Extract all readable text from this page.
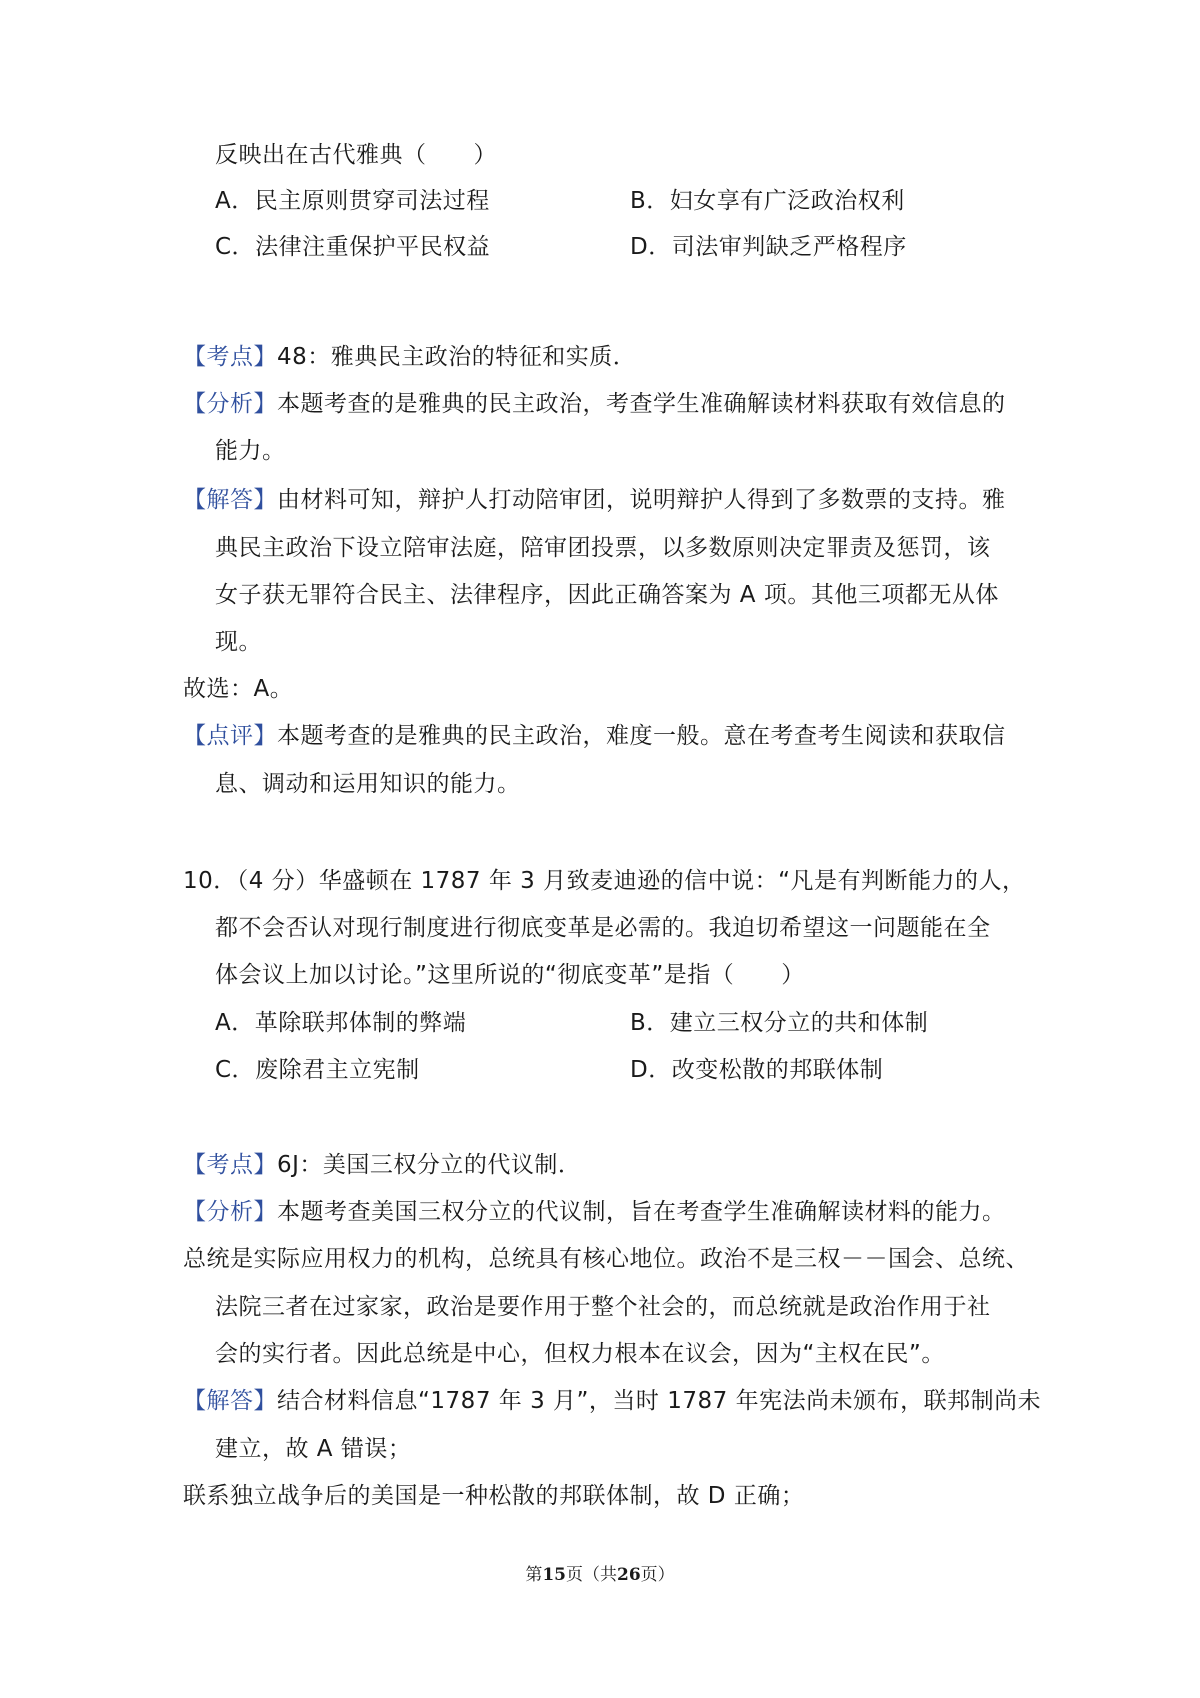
反映出在古代雅典（　　）
A．民主原则贯穿司法过程	B．妇女享有广泛政治权利
C．法律注重保护平民权益	D．司法审判缺乏严格程序
【考点】48：雅典民主政治的特征和实质．
【分析】本题考查的是雅典的民主政治，考查学生准确解读材料获取有效信息的
能力。
【解答】由材料可知，辩护人打动陪审团，说明辩护人得到了多数票的支持。雅
典民主政治下设立陪审法庭，陪审团投票，以多数原则决定罪责及惩罚，该
女子获无罪符合民主、法律程序，因此正确答案为 A 项。其他三项都无从体
现。
故选：A。
【点评】本题考查的是雅典的民主政治，难度一般。意在考查考生阅读和获取信
息、调动和运用知识的能力。
10．（4 分）华盛顿在 1787 年 3 月致麦迪逊的信中说：“凡是有判断能力的人，
都不会否认对现行制度进行彻底变革是必需的。我迫切希望这一问题能在全
体会议上加以讨论。”这里所说的“彻底变革”是指（　　）
A．革除联邦体制的弊端	B．建立三权分立的共和体制
C．废除君主立宪制	D．改变松散的邦联体制
【考点】6J：美国三权分立的代议制．
【分析】本题考查美国三权分立的代议制，旨在考查学生准确解读材料的能力。
总统是实际应用权力的机构，总统具有核心地位。政治不是三权－－国会、总统、
法院三者在过家家，政治是要作用于整个社会的，而总统就是政治作用于社
会的实行者。因此总统是中心，但权力根本在议会，因为“主权在民”。
【解答】结合材料信息“1787 年 3 月”，当时 1787 年宪法尚未颁布，联邦制尚未
建立，故 A 错误；
联系独立战争后的美国是一种松散的邦联体制，故 D 正确；
第15页（共26页）
